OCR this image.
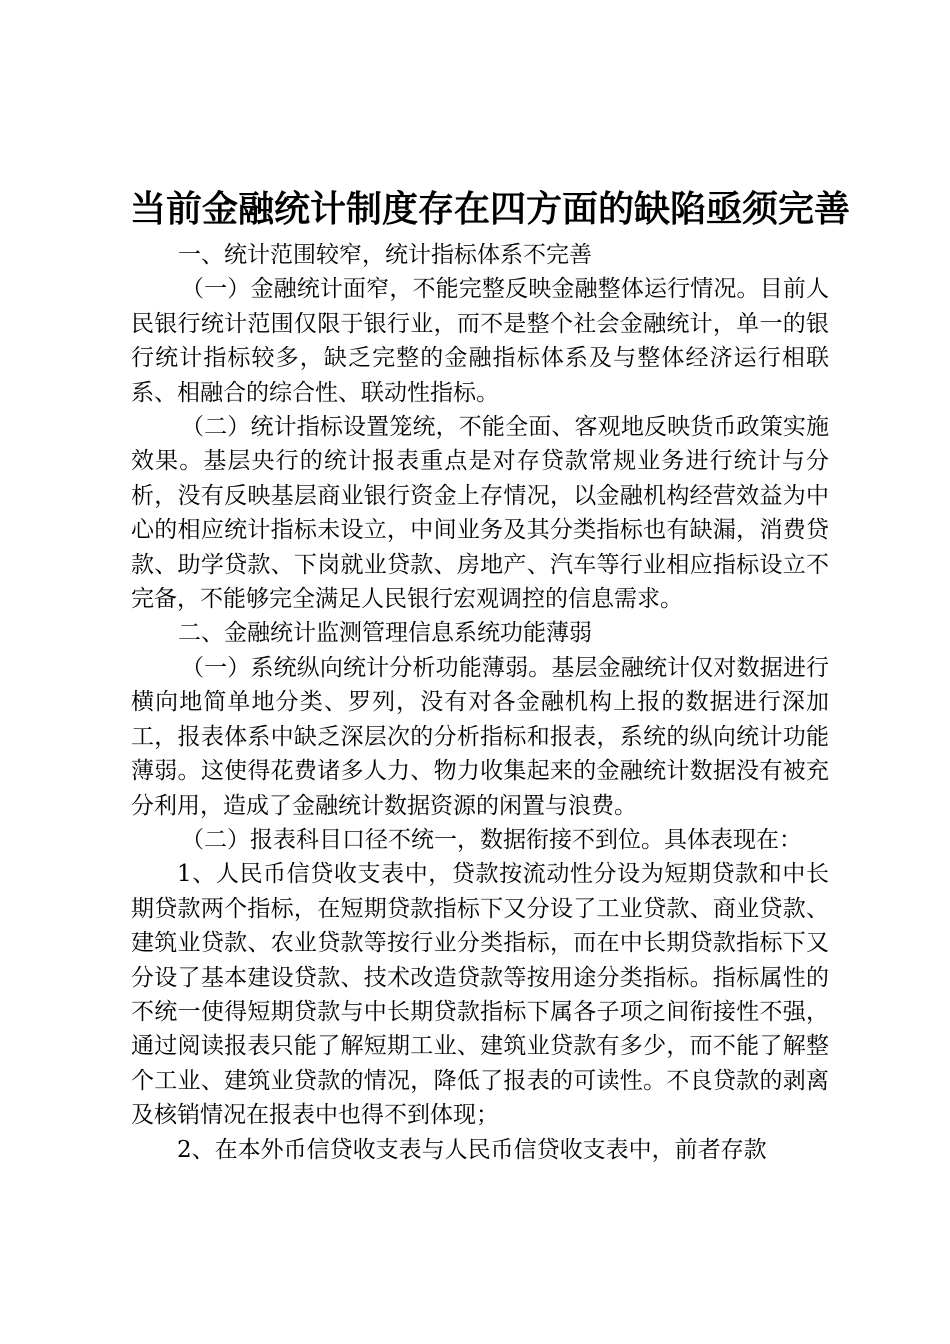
当前金融统计制度存在四方面的缺陷亟须完善

一、统计范围较窄，统计指标体系不完善

（一）金融统计面窄，不能完整反映金融整体运行情况。目前人民银行统计范围仅限于银行业，而不是整个社会金融统计，单一的银行统计指标较多，缺乏完整的金融指标体系及与整体经济运行相联系、相融合的综合性、联动性指标。

（二）统计指标设置笼统，不能全面、客观地反映货币政策实施效果。基层央行的统计报表重点是对存贷款常规业务进行统计与分析，没有反映基层商业银行资金上存情况，以金融机构经营效益为中心的相应统计指标未设立，中间业务及其分类指标也有缺漏，消费贷款、助学贷款、下岗就业贷款、房地产、汽车等行业相应指标设立不完备，不能够完全满足人民银行宏观调控的信息需求。

二、金融统计监测管理信息系统功能薄弱

（一）系统纵向统计分析功能薄弱。基层金融统计仅对数据进行横向地简单地分类、罗列，没有对各金融机构上报的数据进行深加工，报表体系中缺乏深层次的分析指标和报表，系统的纵向统计功能薄弱。这使得花费诸多人力、物力收集起来的金融统计数据没有被充分利用，造成了金融统计数据资源的闲置与浪费。

（二）报表科目口径不统一，数据衔接不到位。具体表现在：

1、人民币信贷收支表中，贷款按流动性分设为短期贷款和中长期贷款两个指标，在短期贷款指标下又分设了工业贷款、商业贷款、建筑业贷款、农业贷款等按行业分类指标，而在中长期贷款指标下又分设了基本建设贷款、技术改造贷款等按用途分类指标。指标属性的不统一使得短期贷款与中长期贷款指标下属各子项之间衔接性不强，通过阅读报表只能了解短期工业、建筑业贷款有多少，而不能了解整个工业、建筑业贷款的情况，降低了报表的可读性。不良贷款的剥离及核销情况在报表中也得不到体现；

2、在本外币信贷收支表与人民币信贷收支表中，前者存款
